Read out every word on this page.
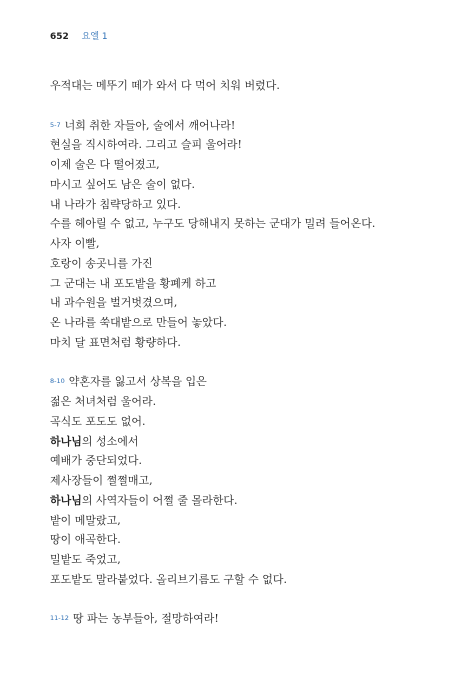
652 요엘 1
우적대는 메뚜기 떼가 와서 다 먹어 치워 버렸다.
5-7 너희 취한 자들아, 술에서 깨어나라!
현실을 직시하여라. 그리고 슬피 울어라!
이제 술은 다 떨어졌고,
마시고 싶어도 남은 술이 없다.
내 나라가 침략당하고 있다.
수를 헤아릴 수 없고, 누구도 당해내지 못하는 군대가 밀려 들어온다.
사자 이빨,
호랑이 송곳니를 가진
그 군대는 내 포도밭을 황폐케 하고
내 과수원을 벌거벗겼으며,
온 나라를 쑥대밭으로 만들어 놓았다.
마치 달 표면처럼 황량하다.
8-10 약혼자를 잃고서 상복을 입은
젊은 처녀처럼 울어라.
곡식도 포도도 없어.
하나님의 성소에서
예배가 중단되었다.
제사장들이 쩔쩔매고,
하나님의 사역자들이 어쩔 줄 몰라한다.
밭이 메말랐고,
땅이 애곡한다.
밀밭도 죽었고,
포도밭도 말라붙었다. 올리브기름도 구할 수 없다.
11-12 땅 파는 농부들아, 절망하여라!
